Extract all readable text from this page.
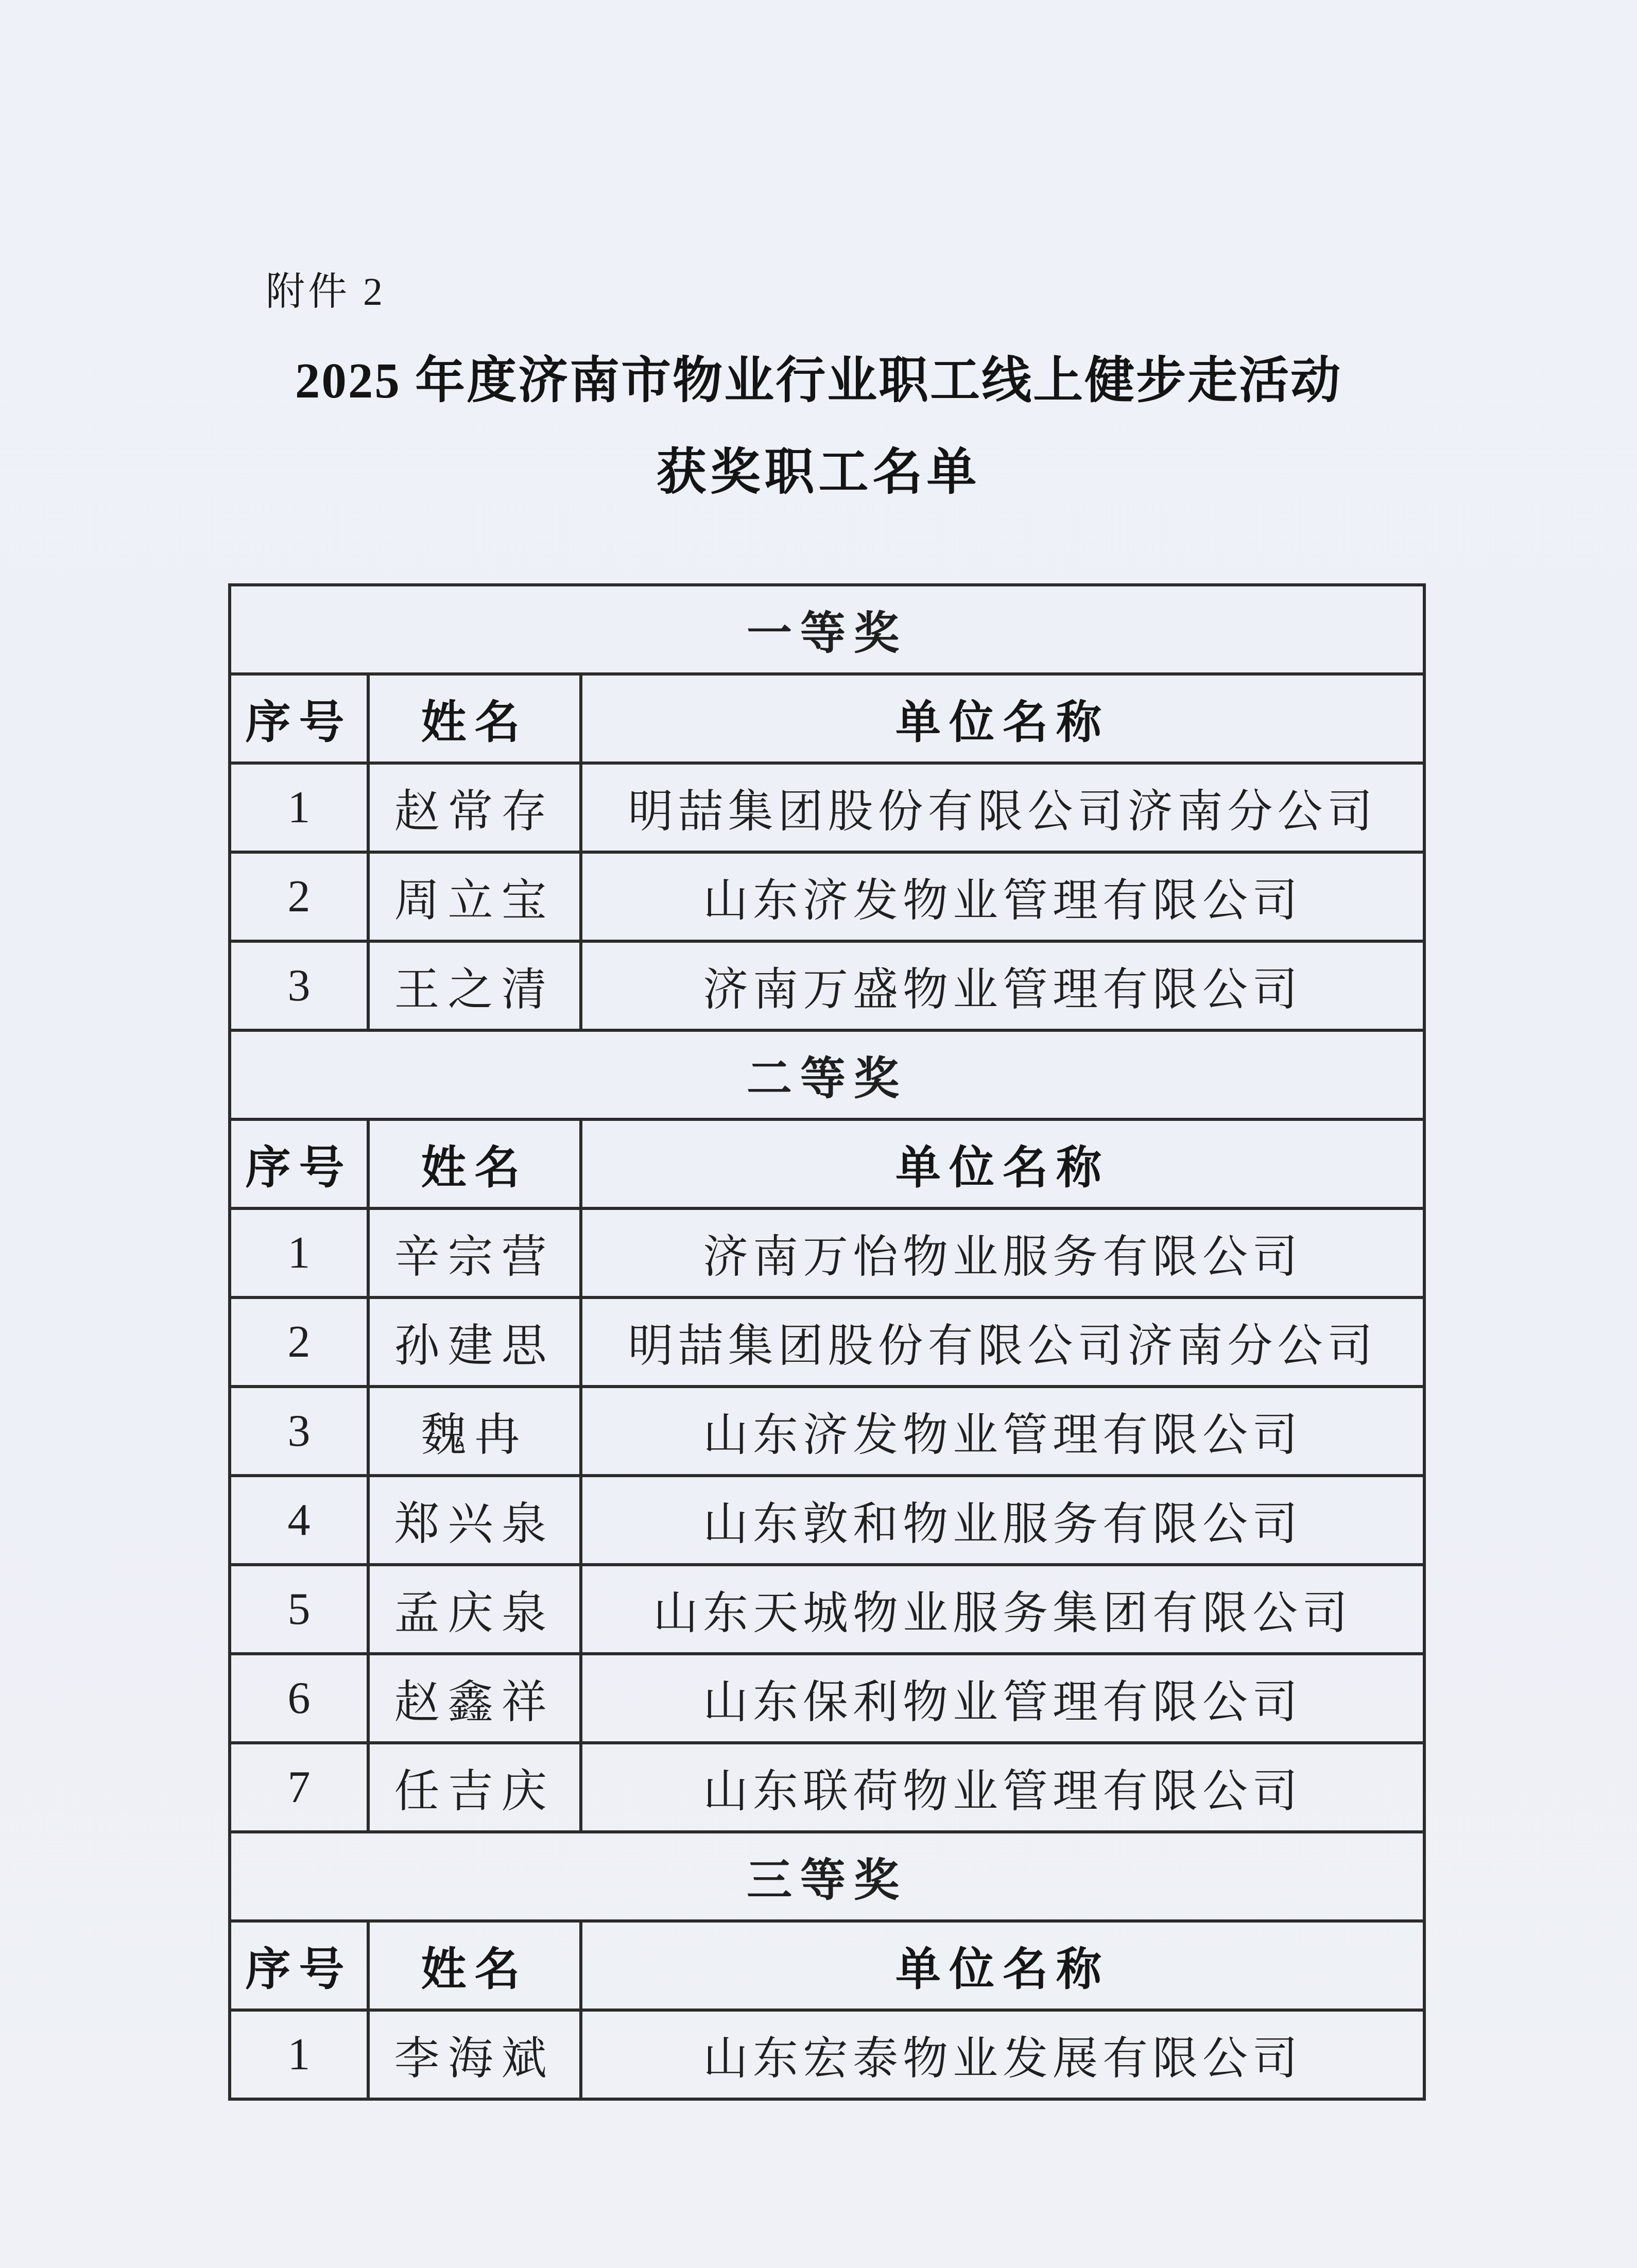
附件 2
2025 年度济南市物业行业职工线上健步走活动
获奖职工名单
一等奖		
序号	姓名	单位名称
1	赵常存	明喆集团股份有限公司济南分公司
2	周立宝	山东济发物业管理有限公司
3	王之清	济南万盛物业管理有限公司
二等奖		
序号	姓名	单位名称
1	辛宗营	济南万怡物业服务有限公司
2	孙建思	明喆集团股份有限公司济南分公司
3	魏冉	山东济发物业管理有限公司
4	郑兴泉	山东敦和物业服务有限公司
5	孟庆泉	山东天城物业服务集团有限公司
6	赵鑫祥	山东保利物业管理有限公司
7	任吉庆	山东联荷物业管理有限公司
三等奖		
序号	姓名	单位名称
1	李海斌	山东宏泰物业发展有限公司
